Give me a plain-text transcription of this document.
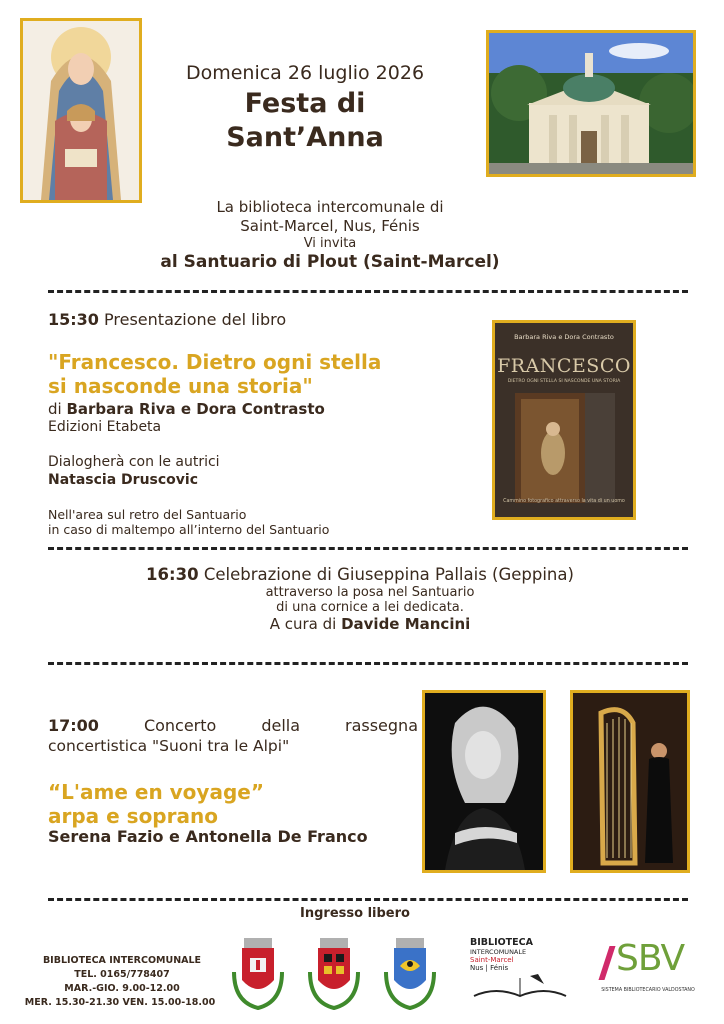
Domenica 26 luglio 2026
Festa di
Sant’Anna
La biblioteca intercomunale di
Saint-Marcel, Nus, Fénis
Vi invita
al Santuario di Plout (Saint-Marcel)
15:30 Presentazione del libro
"Francesco. Dietro ogni stella
si nasconde una storia"
di Barbara Riva e Dora Contrasto
Edizioni Etabeta
Dialogherà con le autrici
Natascia Druscovic
Nell'area sul retro del Santuario
in caso di maltempo all’interno del Santuario
Barbara Riva e Dora Contrasto
FRANCESCO
DIETRO OGNI STELLA SI NASCONDE UNA STORIA
Cammino fotografico attraverso la vita di un uomo
16:30 Celebrazione di Giuseppina Pallais (Geppina)
attraverso la posa nel Santuario
di una cornice a lei dedicata.
A cura di Davide Mancini
17:00	Concerto della rassegna
concertistica "Suoni tra le Alpi"
“L'ame en voyage”
arpa e soprano
Serena Fazio e Antonella De Franco
Ingresso libero
BIBLIOTECA INTERCOMUNALE
TEL. 0165/778407
MAR.-GIO. 9.00-12.00
MER. 15.30-21.30 VEN. 15.00-18.00
BIBLIOTECA
INTERCOMUNALE
Saint-Marcel
Nus | Fénis	SBV
SISTEMA BIBLIOTECARIO VALDOSTANO
